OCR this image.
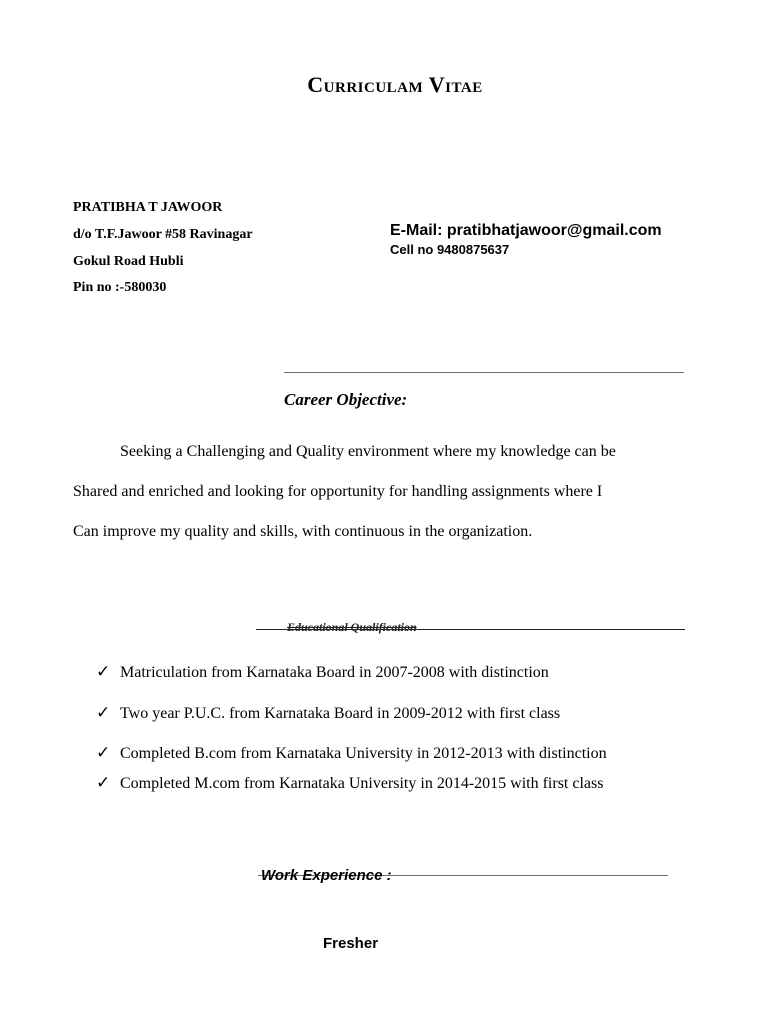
Curriculam Vitae
PRATIBHA T JAWOOR
d/o T.F.Jawoor #58 Ravinagar
Gokul Road Hubli
Pin no :-580030
E-Mail: pratibhatjawoor@gmail.com
Cell no 9480875637
Career Objective:
Seeking a Challenging and Quality environment where my knowledge can be
Shared and enriched and looking for opportunity for handling assignments where I
Can improve my quality and skills, with continuous in the organization.
Educational Qualification
✓ Matriculation from Karnataka Board in 2007-2008 with distinction
✓ Two year P.U.C. from Karnataka Board in 2009-2012 with first class
✓ Completed B.com from Karnataka University in 2012-2013 with distinction
✓ Completed M.com from Karnataka University in 2014-2015 with first class
Work Experience :
Fresher
